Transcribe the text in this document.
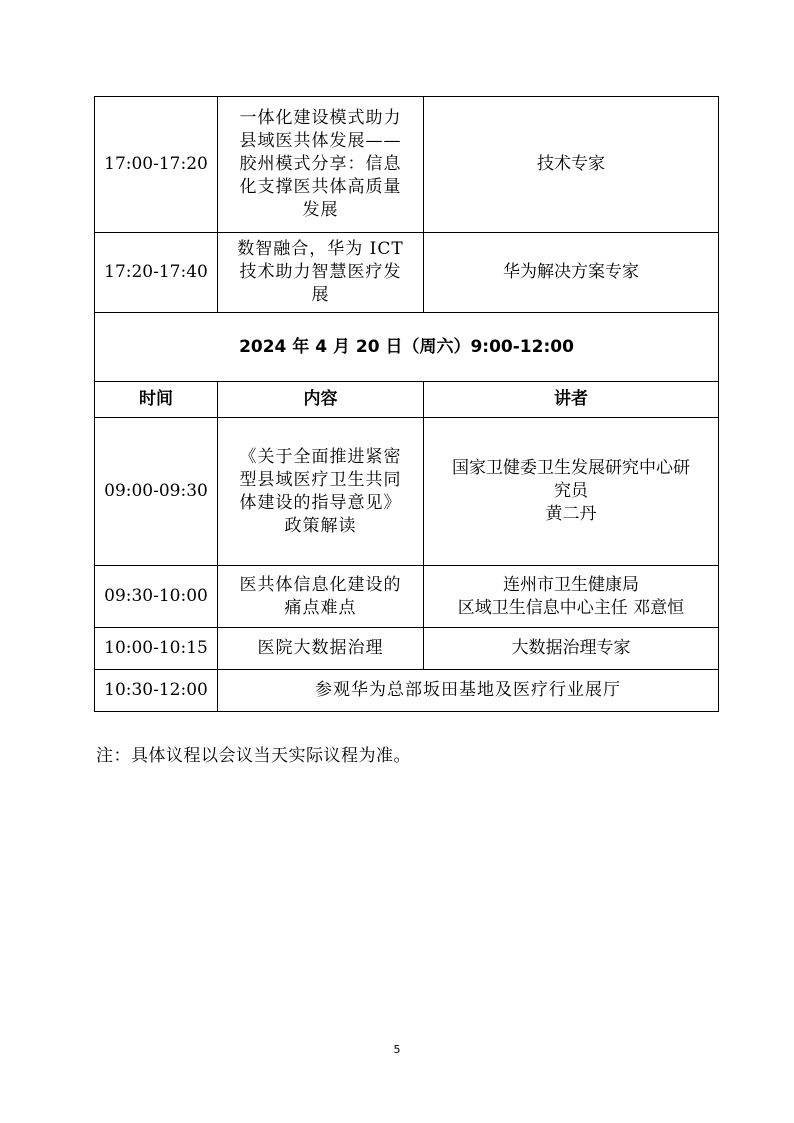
17:00-17:20	一体化建设模式助力
县域医共体发展——
胶州模式分享：信息
化支撑医共体高质量
发展	技术专家

17:20-17:40	数智融合，华为 ICT
技术助力智慧医疗发
展	华为解决方案专家

2024 年 4 月 20 日（周六）9:00-12:00		
时间	内容	讲者
09:00-09:30	《关于全面推进紧密
型县域医疗卫生共同
体建设的指导意见》
政策解读	国家卫健委卫生发展研究中心研
究员
黄二丹

09:30-10:00	医共体信息化建设的
痛点难点	连州市卫生健康局
区域卫生信息中心主任 邓意恒

10:00-10:15	医院大数据治理	大数据治理专家

10:30-12:00	参观华为总部坂田基地及医疗行业展厅	
注：具体议程以会议当天实际议程为准。
5
